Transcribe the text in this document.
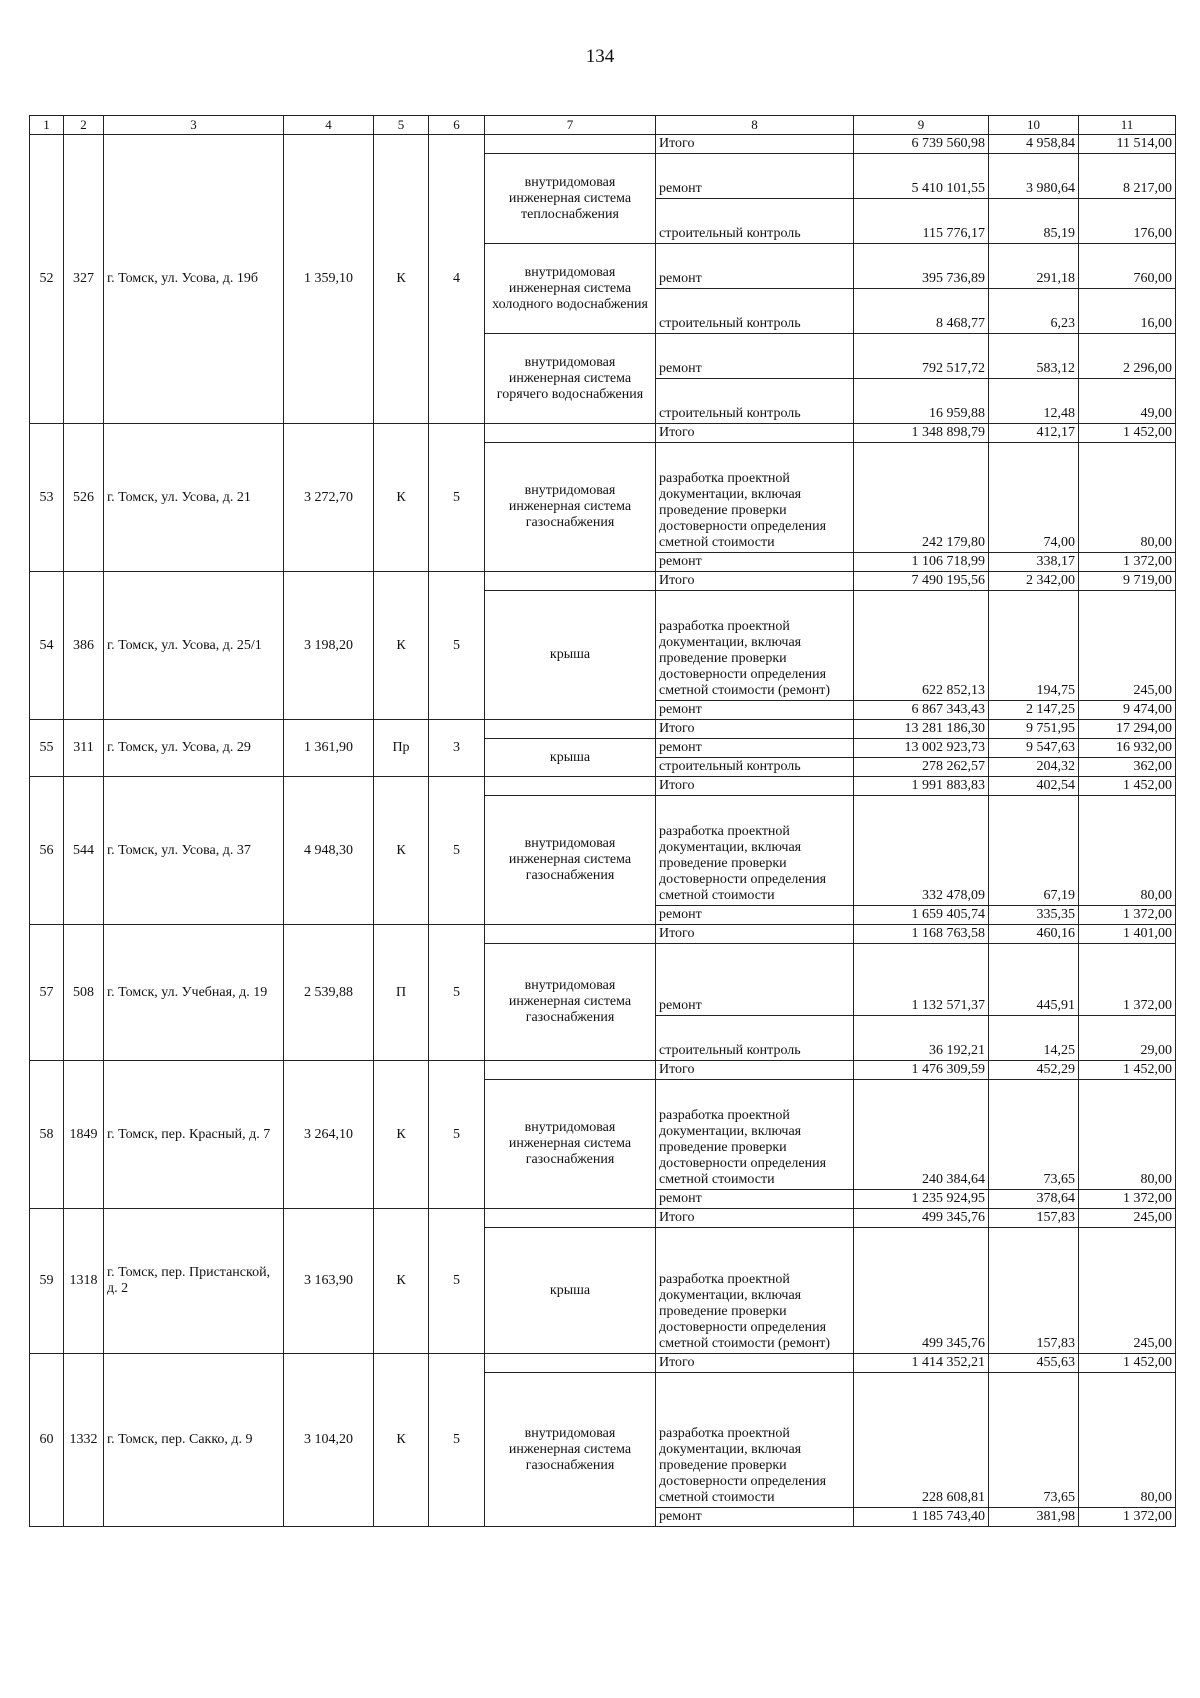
134
1	2	3	4	5	6	7	8	9	10	11
52	327	г. Томск, ул. Усова, д. 19б	1 359,10	К	4		Итого	6 739 560,98	4 958,84	11 514,00
						внутридомовая инженерная система теплоснабжения	ремонт	5 410 101,55	3 980,64	8 217,00
							строительный контроль	115 776,17	85,19	176,00
						внутридомовая инженерная система холодного водоснабжения	ремонт	395 736,89	291,18	760,00
							строительный контроль	8 468,77	6,23	16,00
						внутридомовая инженерная система горячего водоснабжения	ремонт	792 517,72	583,12	2 296,00
							строительный контроль	16 959,88	12,48	49,00
53	526	г. Томск, ул. Усова, д. 21	3 272,70	К	5		Итого	1 348 898,79	412,17	1 452,00
						внутридомовая инженерная система газоснабжения	разработка проектной документации, включая проведение проверки достоверности определения сметной стоимости	242 179,80	74,00	80,00
							ремонт	1 106 718,99	338,17	1 372,00
54	386	г. Томск, ул. Усова, д. 25/1	3 198,20	К	5		Итого	7 490 195,56	2 342,00	9 719,00
						крыша	разработка проектной документации, включая проведение проверки достоверности определения сметной стоимости (ремонт)	622 852,13	194,75	245,00
							ремонт	6 867 343,43	2 147,25	9 474,00
55	311	г. Томск, ул. Усова, д. 29	1 361,90	Пр	3		Итого	13 281 186,30	9 751,95	17 294,00
						крыша	ремонт	13 002 923,73	9 547,63	16 932,00
							строительный контроль	278 262,57	204,32	362,00
56	544	г. Томск, ул. Усова, д. 37	4 948,30	К	5		Итого	1 991 883,83	402,54	1 452,00
						внутридомовая инженерная система газоснабжения	разработка проектной документации, включая проведение проверки достоверности определения сметной стоимости	332 478,09	67,19	80,00
							ремонт	1 659 405,74	335,35	1 372,00
57	508	г. Томск, ул. Учебная, д. 19	2 539,88	П	5		Итого	1 168 763,58	460,16	1 401,00
						внутридомовая инженерная система газоснабжения	ремонт	1 132 571,37	445,91	1 372,00
							строительный контроль	36 192,21	14,25	29,00
58	1849	г. Томск, пер. Красный, д. 7	3 264,10	К	5		Итого	1 476 309,59	452,29	1 452,00
						внутридомовая инженерная система газоснабжения	разработка проектной документации, включая проведение проверки достоверности определения сметной стоимости	240 384,64	73,65	80,00
							ремонт	1 235 924,95	378,64	1 372,00
59	1318	г. Томск, пер. Пристанской, д. 2	3 163,90	К	5		Итого	499 345,76	157,83	245,00
						крыша	разработка проектной документации, включая проведение проверки достоверности определения сметной стоимости (ремонт)	499 345,76	157,83	245,00
60	1332	г. Томск, пер. Сакко, д. 9	3 104,20	К	5		Итого	1 414 352,21	455,63	1 452,00
						внутридомовая инженерная система газоснабжения	разработка проектной документации, включая проведение проверки достоверности определения сметной стоимости	228 608,81	73,65	80,00
							ремонт	1 185 743,40	381,98	1 372,00
